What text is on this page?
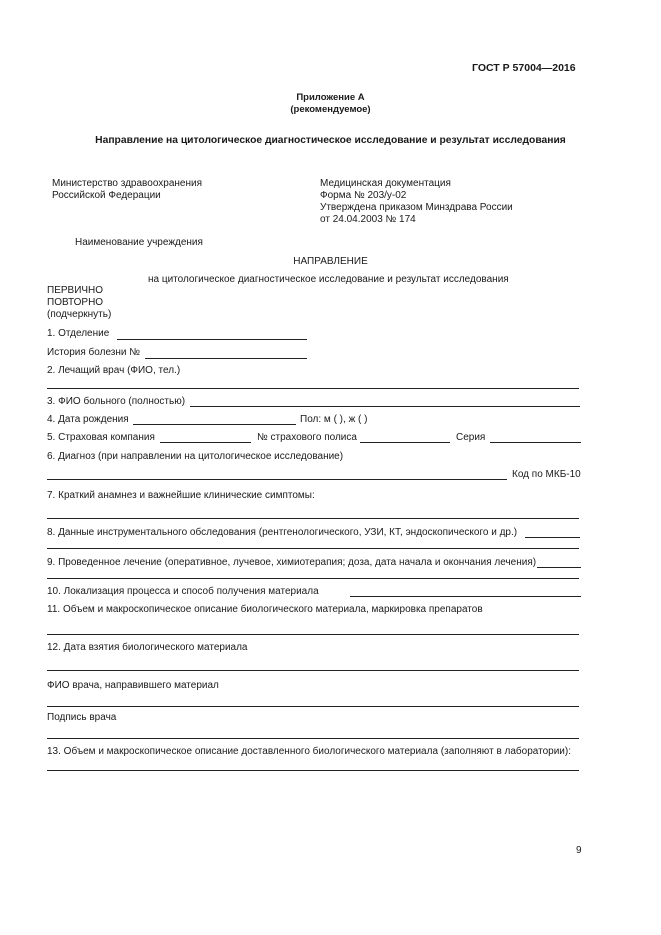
ГОСТ Р 57004—2016
Приложение А
(рекомендуемое)
Направление на цитологическое диагностическое исследование и результат исследования
Министерство здравоохранения
Российской Федерации
Медицинская документация
Форма № 203/у-02
Утверждена приказом Минздрава России
от 24.04.2003 № 174
Наименование учреждения
НАПРАВЛЕНИЕ
на цитологическое диагностическое исследование и результат исследования
ПЕРВИЧНО
ПОВТОРНО
(подчеркнуть)
1. Отделение
История болезни №
2. Лечащий врач (ФИО, тел.)
3. ФИО больного (полностью)
4. Дата рождения	Пол: м ( ), ж ( )
5. Страховая компания	№ страхового полиса	Серия
6. Диагноз (при направлении на цитологическое исследование)
Код по МКБ-10
7. Краткий анамнез и важнейшие клинические симптомы:
8. Данные инструментального обследования (рентгенологического, УЗИ, КТ, эндоскопического и др.)
9. Проведенное лечение (оперативное, лучевое, химиотерапия; доза, дата начала и окончания лечения)
10. Локализация процесса и способ получения материала
11. Объем и макроскопическое описание биологического материала, маркировка препаратов
12. Дата взятия биологического материала
ФИО врача, направившего материал
Подпись врача
13. Объем и макроскопическое описание доставленного биологического материала (заполняют в лаборатории):
9
